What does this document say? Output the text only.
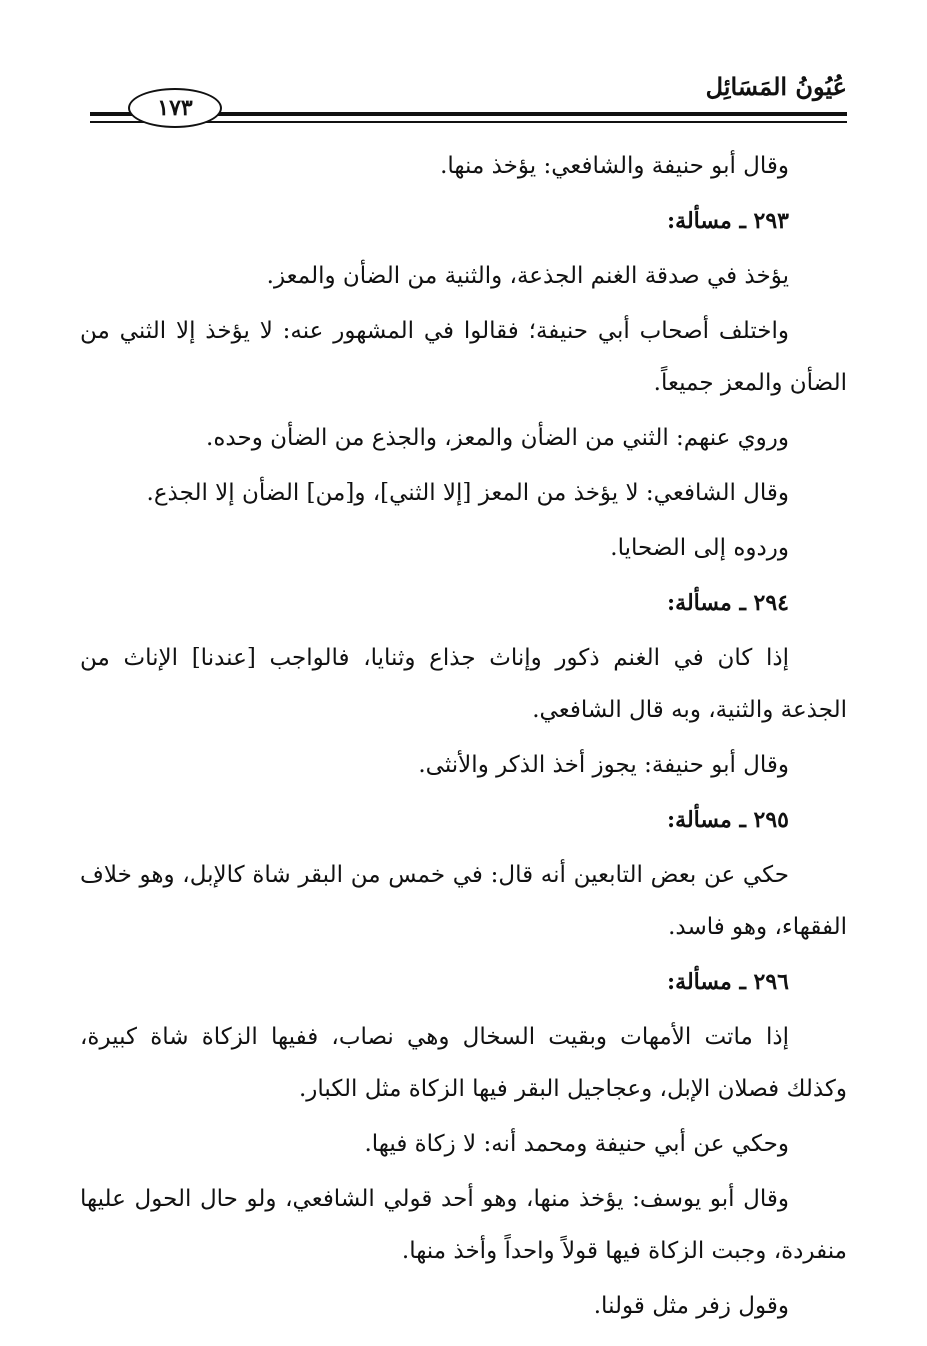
عُيُونُ المَسَائِل
١٧٣

وقال أبو حنيفة والشافعي: يؤخذ منها.

٢٩٣ ـ مسألة:

يؤخذ في صدقة الغنم الجذعة، والثنية من الضأن والمعز.

واختلف أصحاب أبي حنيفة؛ فقالوا في المشهور عنه: لا يؤخذ إلا الثني من الضأن والمعز جميعاً.

وروي عنهم: الثني من الضأن والمعز، والجذع من الضأن وحده.

وقال الشافعي: لا يؤخذ من المعز [إلا الثني]، و[من] الضأن إلا الجذع.

وردوه إلى الضحايا.

٢٩٤ ـ مسألة:

إذا كان في الغنم ذكور وإناث جذاع وثنايا، فالواجب [عندنا] الإناث من الجذعة والثنية، وبه قال الشافعي.

وقال أبو حنيفة: يجوز أخذ الذكر والأنثى.

٢٩٥ ـ مسألة:

حكي عن بعض التابعين أنه قال: في خمس من البقر شاة كالإبل، وهو خلاف الفقهاء، وهو فاسد.

٢٩٦ ـ مسألة:

إذا ماتت الأمهات وبقيت السخال وهي نصاب، ففيها الزكاة شاة كبيرة، وكذلك فصلان الإبل، وعجاجيل البقر فيها الزكاة مثل الكبار.

وحكي عن أبي حنيفة ومحمد أنه: لا زكاة فيها.

وقال أبو يوسف: يؤخذ منها، وهو أحد قولي الشافعي، ولو حال الحول عليها منفردة، وجبت الزكاة فيها قولاً واحداً وأخذ منها.

وقول زفر مثل قولنا.
